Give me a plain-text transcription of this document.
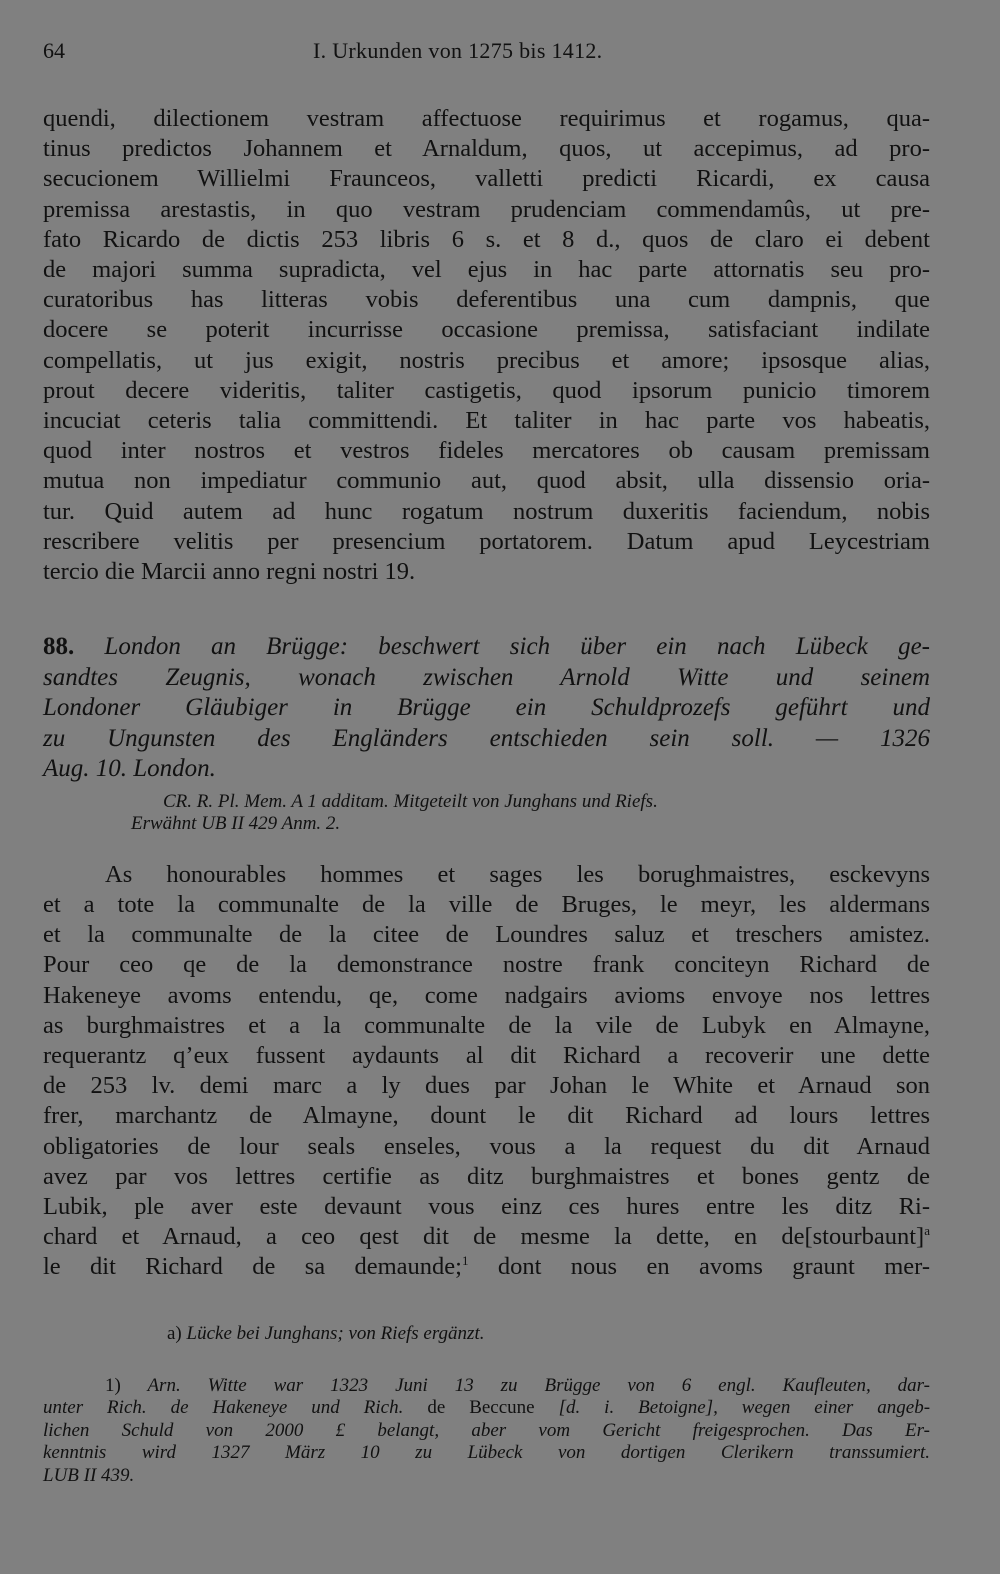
64	I. Urkunden von 1275 bis 1412.
quendi, dilectionem vestram affectuose requirimus et rogamus, qua-
tinus predictos Johannem et Arnaldum, quos, ut accepimus, ad pro-
secucionem Willielmi Fraunceos, valletti predicti Ricardi, ex causa
premissa arestastis, in quo vestram prudenciam commendamûs, ut pre-
fato Ricardo de dictis 253 libris 6 s. et 8 d., quos de claro ei debent
de majori summa supradicta, vel ejus in hac parte attornatis seu pro-
curatoribus has litteras vobis deferentibus una cum dampnis, que
docere se poterit incurrisse occasione premissa, satisfaciant indilate
compellatis, ut jus exigit, nostris precibus et amore; ipsosque alias,
prout decere videritis, taliter castigetis, quod ipsorum punicio timorem
incuciat ceteris talia committendi. Et taliter in hac parte vos habeatis,
quod inter nostros et vestros fideles mercatores ob causam premissam
mutua non impediatur communio aut, quod absit, ulla dissensio oria-
tur. Quid autem ad hunc rogatum nostrum duxeritis faciendum, nobis
rescribere velitis per presencium portatorem. Datum apud Leycestriam
tercio die Marcii anno regni nostri 19.
88. London an Brügge: beschwert sich über ein nach Lübeck ge-
sandtes Zeugnis, wonach zwischen Arnold Witte und seinem
Londoner Gläubiger in Brügge ein Schuldprozefs geführt und
zu Ungunsten des Engländers entschieden sein soll. — 1326
Aug. 10. London.
CR. R. Pl. Mem. A 1 additam. Mitgeteilt von Junghans und Riefs.
Erwähnt UB II 429 Anm. 2.
As honourables hommes et sages les borughmaistres, esckevyns
et a tote la communalte de la ville de Bruges, le meyr, les aldermans
et la communalte de la citee de Loundres saluz et treschers amistez.
Pour ceo qe de la demonstrance nostre frank conciteyn Richard de
Hakeneye avoms entendu, qe, come nadgairs avioms envoye nos lettres
as burghmaistres et a la communalte de la vile de Lubyk en Almayne,
requerantz q’eux fussent aydaunts al dit Richard a recoverir une dette
de 253 lv. demi marc a ly dues par Johan le White et Arnaud son
frer, marchantz de Almayne, dount le dit Richard ad lours lettres
obligatories de lour seals enseles, vous a la request du dit Arnaud
avez par vos lettres certifie as ditz burghmaistres et bones gentz de
Lubik, ple aver este devaunt vous einz ces hures entre les ditz Ri-
chard et Arnaud, a ceo qest dit de mesme la dette, en de[stourbaunt]$^a$
le dit Richard de sa demaunde;$^1$ dont nous en avoms graunt mer-
a) Lücke bei Junghans; von Riefs ergänzt.
1) Arn. Witte war 1323 Juni 13 zu Brügge von 6 engl. Kaufleuten, dar-
unter Rich. de Hakeneye und Rich. de Beccune [d. i. Betoigne], wegen einer angeb-
lichen Schuld von 2000 £ belangt, aber vom Gericht freigesprochen. Das Er-
kenntnis wird 1327 März 10 zu Lübeck von dortigen Clerikern transsumiert.
LUB II 439.
